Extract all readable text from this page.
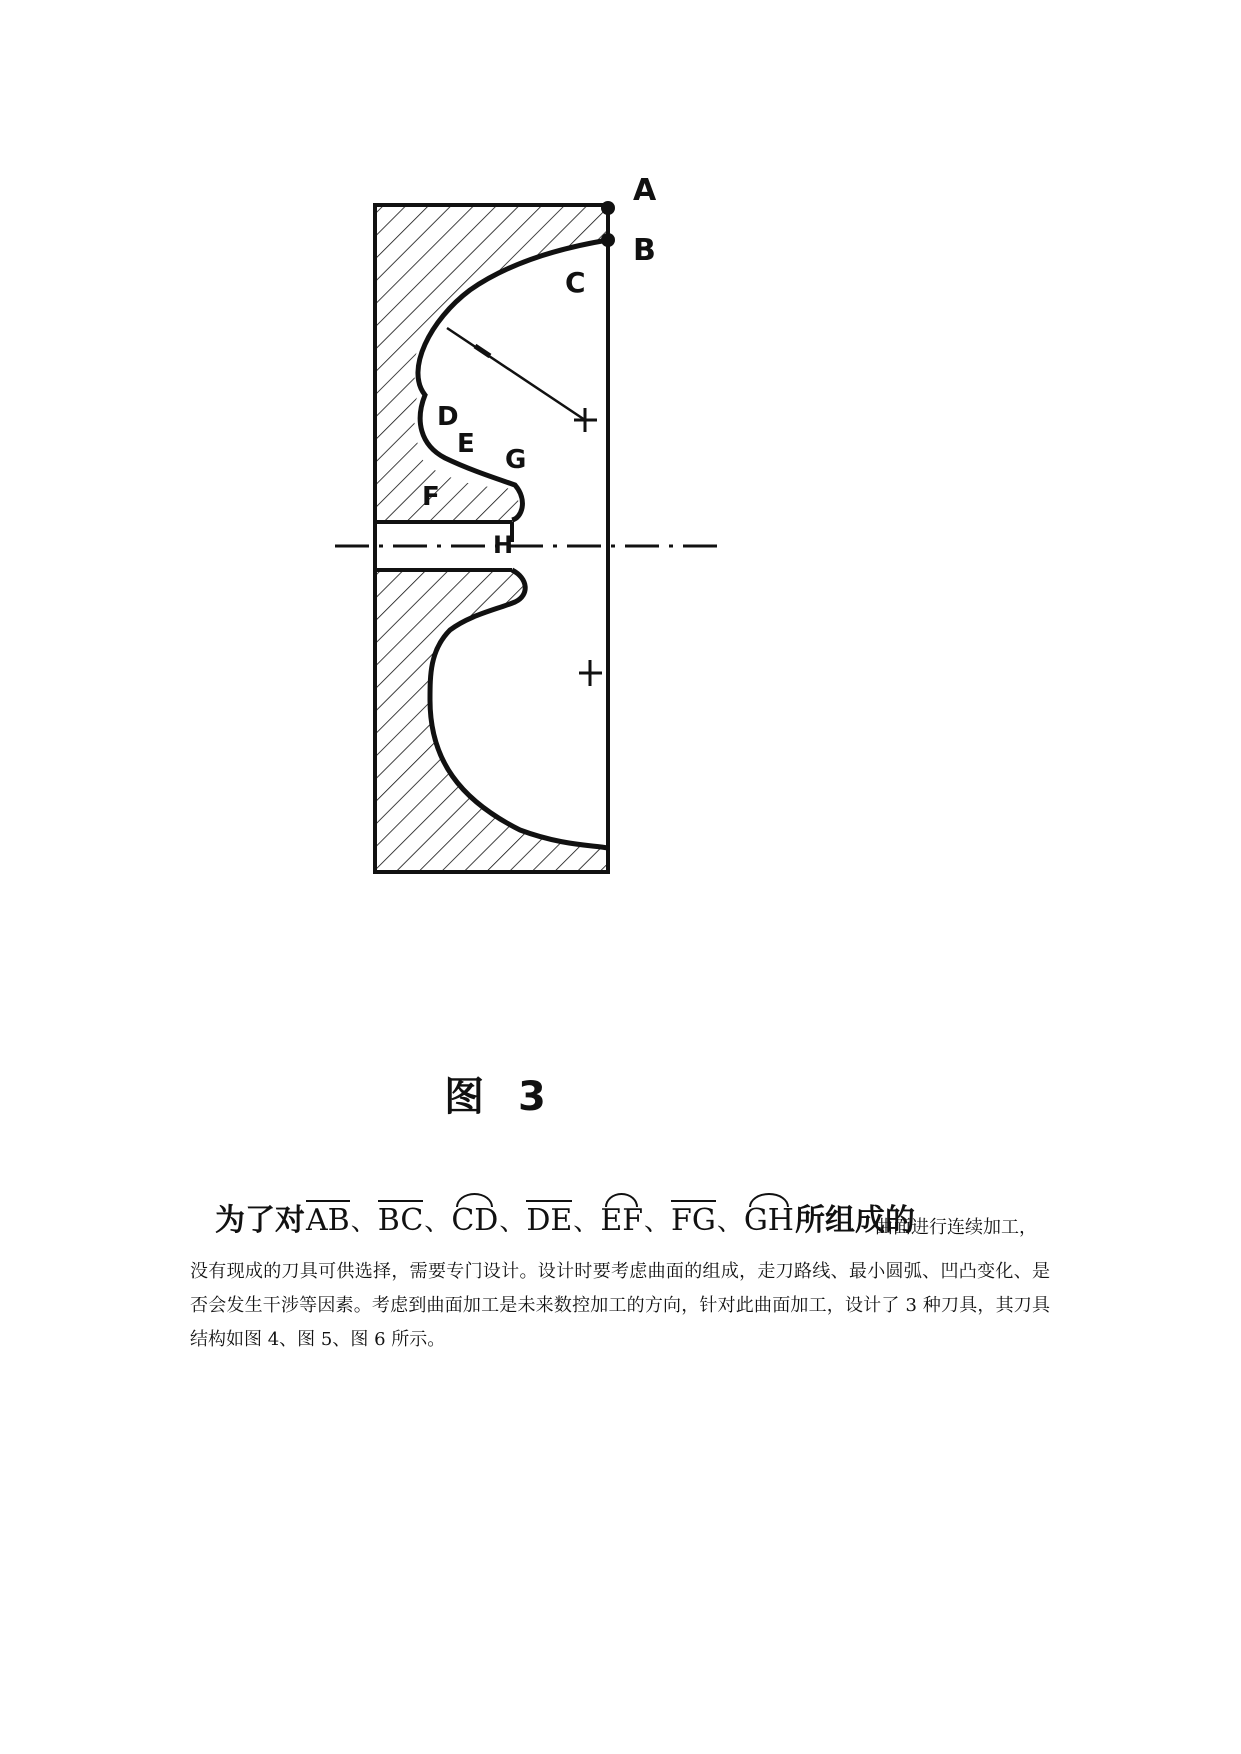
A
B
C
D
E
F
G
H
图 3
为了对AB、BC、CD、DE、EF、FG、GH所组成的
曲面进行连续加工，

没有现成的刀具可供选择，需要专门设计。设计时要考虑曲面的组成，走刀路线、最小圆弧、凹凸变化、是否会发生干涉等因素。考虑到曲面加工是未来数控加工的方向，针对此曲面加工，设计了 3 种刀具，其刀具结构如图 4、图 5、图 6 所示。
